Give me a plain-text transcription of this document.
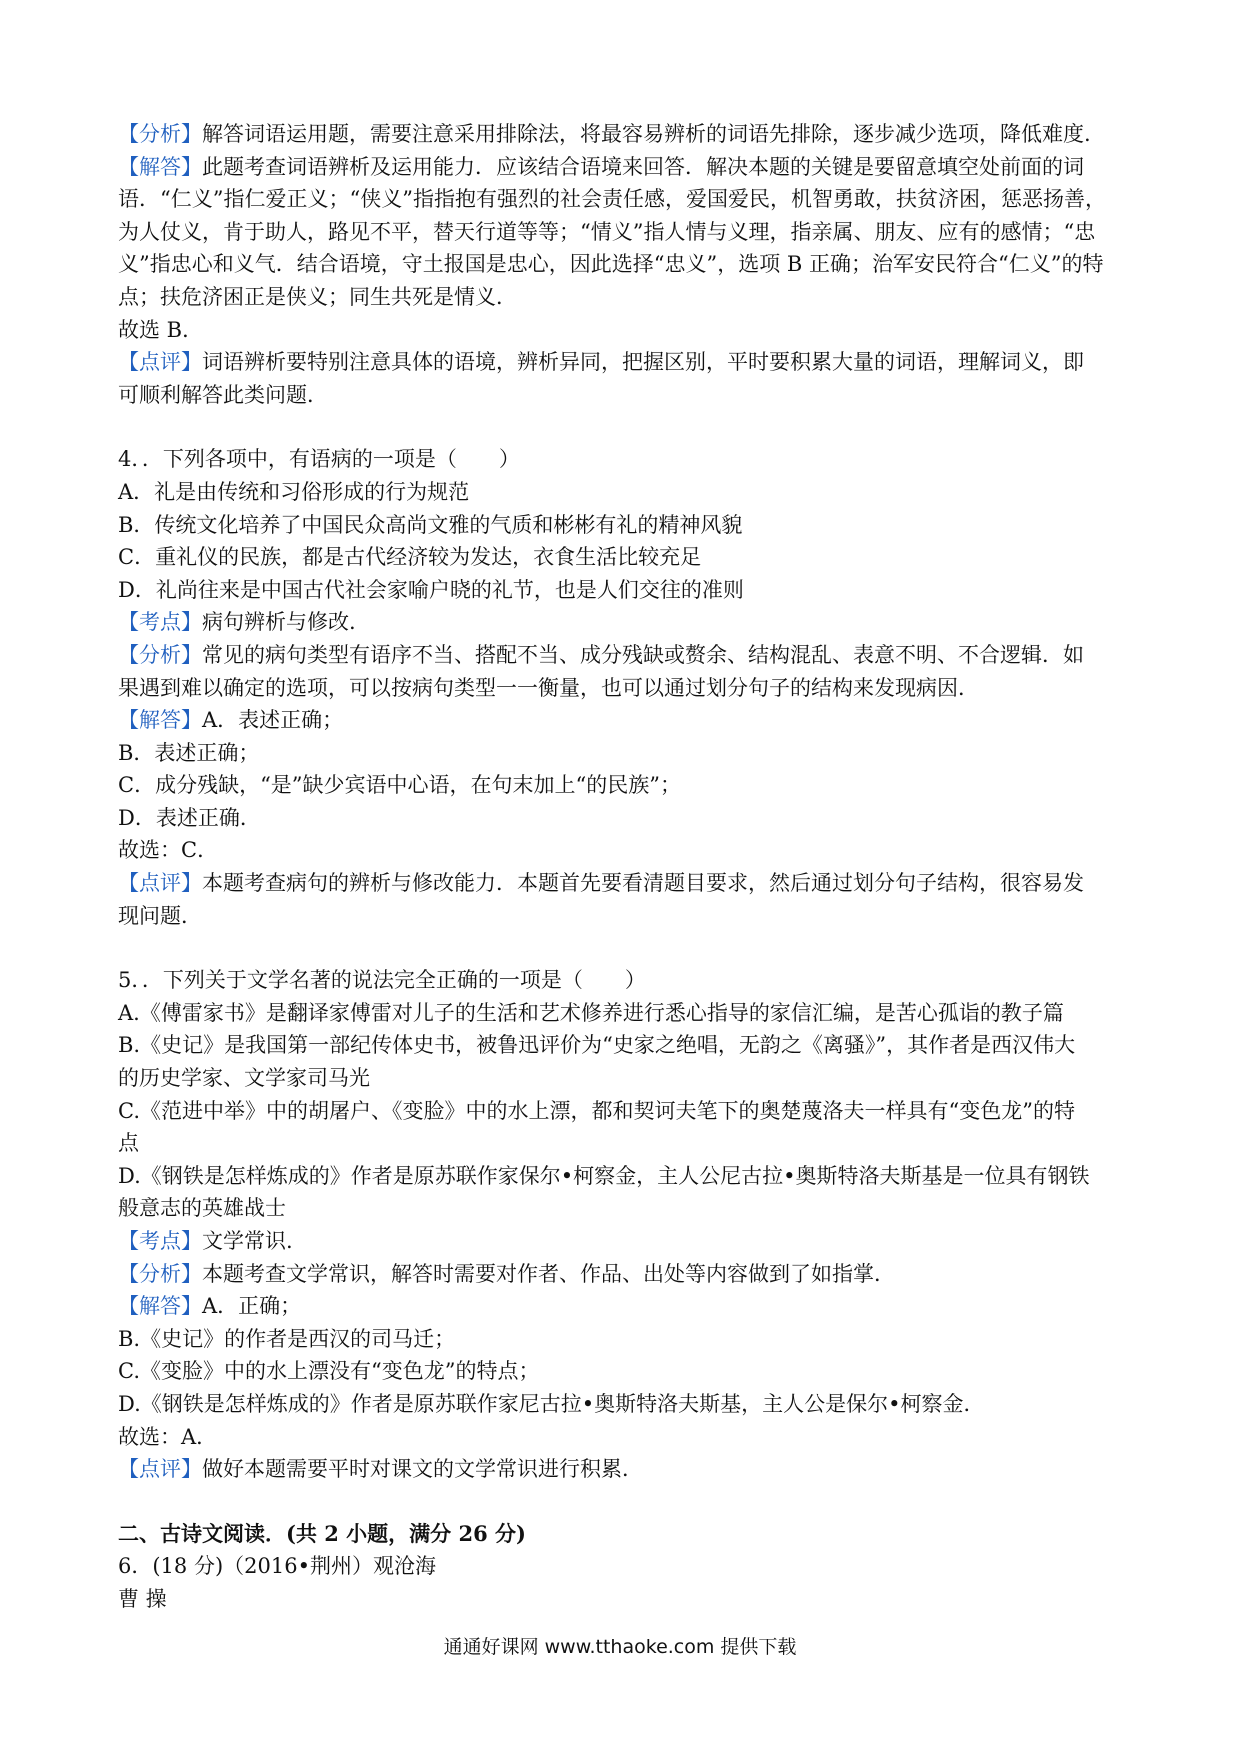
【分析】解答词语运用题，需要注意采用排除法，将最容易辨析的词语先排除，逐步减少选项，降低难度.
【解答】此题考查词语辨析及运用能力．应该结合语境来回答．解决本题的关键是要留意填空处前面的词
语．“仁义”指仁爱正义；“侠义”指指抱有强烈的社会责任感，爱国爱民，机智勇敢，扶贫济困，惩恶扬善，
为人仗义，肯于助人，路见不平，替天行道等等；“情义”指人情与义理，指亲属、朋友、应有的感情；“忠
义”指忠心和义气．结合语境，守土报国是忠心，因此选择“忠义”，选项 B 正确；治军安民符合“仁义”的特
点；扶危济困正是侠义；同生共死是情义．
故选 B．
【点评】词语辨析要特别注意具体的语境，辨析异同，把握区别，平时要积累大量的词语，理解词义，即
可顺利解答此类问题．
4．．下列各项中，有语病的一项是（　　）
A．礼是由传统和习俗形成的行为规范
B．传统文化培养了中国民众高尚文雅的气质和彬彬有礼的精神风貌
C．重礼仪的民族，都是古代经济较为发达，衣食生活比较充足
D．礼尚往来是中国古代社会家喻户晓的礼节，也是人们交往的准则
【考点】病句辨析与修改.
【分析】常见的病句类型有语序不当、搭配不当、成分残缺或赘余、结构混乱、表意不明、不合逻辑．如
果遇到难以确定的选项，可以按病句类型一一衡量，也可以通过划分句子的结构来发现病因．
【解答】A．表述正确；
B．表述正确；
C．成分残缺，“是”缺少宾语中心语，在句末加上“的民族”；
D．表述正确．
故选：C．
【点评】本题考查病句的辨析与修改能力．本题首先要看清题目要求，然后通过划分句子结构，很容易发
现问题．
5．．下列关于文学名著的说法完全正确的一项是（　　）
A.《傅雷家书》是翻译家傅雷对儿子的生活和艺术修养进行悉心指导的家信汇编，是苦心孤诣的教子篇
B.《史记》是我国第一部纪传体史书，被鲁迅评价为“史家之绝唱，无韵之《离骚》”，其作者是西汉伟大
的历史学家、文学家司马光
C.《范进中举》中的胡屠户、《变脸》中的水上漂，都和契诃夫笔下的奥楚蔑洛夫一样具有“变色龙”的特
点
D.《钢铁是怎样炼成的》作者是原苏联作家保尔•柯察金，主人公尼古拉•奥斯特洛夫斯基是一位具有钢铁
般意志的英雄战士
【考点】文学常识.
【分析】本题考查文学常识，解答时需要对作者、作品、出处等内容做到了如指掌．
【解答】A．正确；
B.《史记》的作者是西汉的司马迁；
C.《变脸》中的水上漂没有“变色龙”的特点；
D.《钢铁是怎样炼成的》作者是原苏联作家尼古拉•奥斯特洛夫斯基，主人公是保尔•柯察金．
故选：A．
【点评】做好本题需要平时对课文的文学常识进行积累．
二、古诗文阅读．(共 2 小题，满分 26 分)
6．(18 分)（2016•荆州）观沧海
曹 操
通通好课网 www.tthaoke.com 提供下载
